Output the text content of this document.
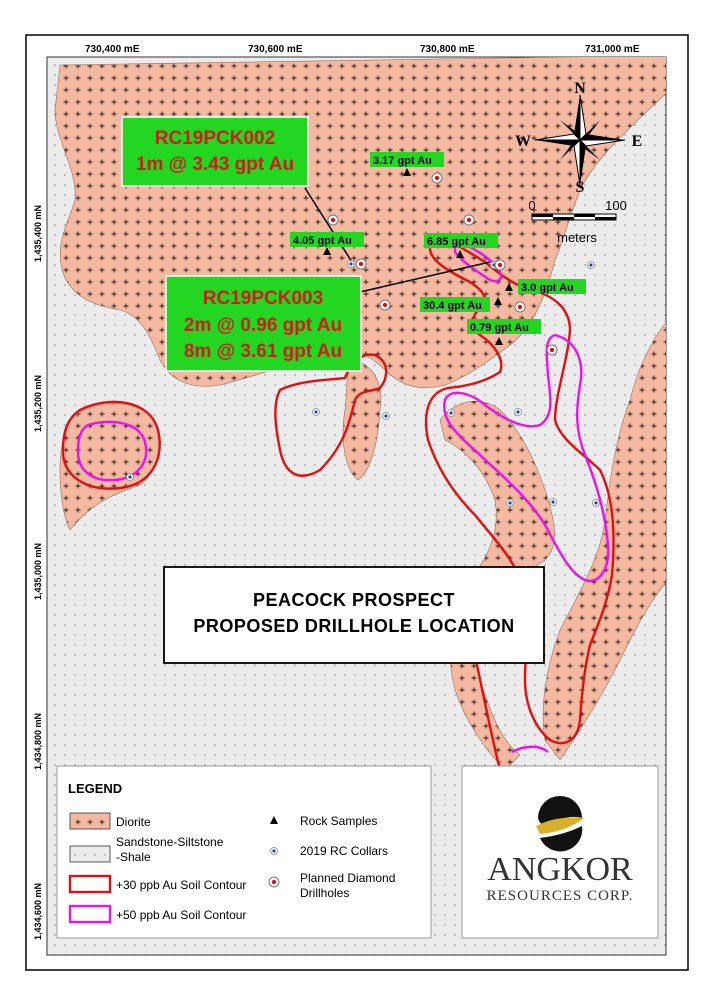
730,400 mE	730,600 mE	730,800 mE	731,000 mE
1,435,400 mN
1,435,200 mN
1,435,000 mN
1,434,800 mN
1,434,600 mN
3.17 gpt Au
4.05 gpt Au	6.85 gpt Au
3.0 gpt Au
30.4 gpt Au
0.79 gpt Au
RC19PCK002
1m @ 3.43 gpt Au
RC19PCK003
2m @ 0.96 gpt Au
8m @ 3.61 gpt Au
N
S
E
W
0	100
meters
PEACOCK PROSPECT
PROPOSED DRILLHOLE LOCATION
LEGEND
Diorite
Sandstone-Siltstone
-Shale
+30 ppb Au Soil Contour
+50 ppb Au Soil Contour
Rock Samples
2019 RC Collars
Planned Diamond
Drillholes
ANGKOR
RESOURCES CORP.
